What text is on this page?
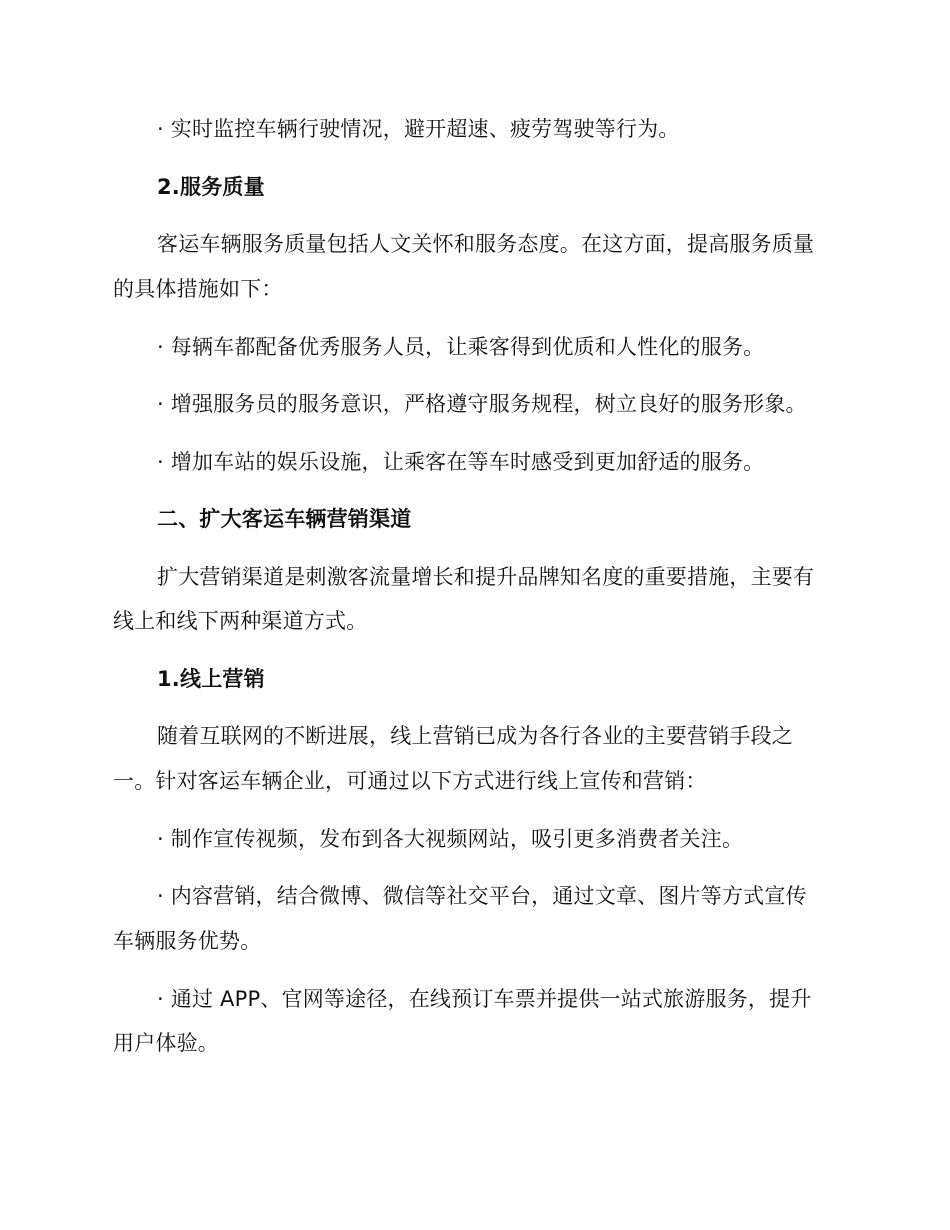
· 实时监控车辆行驶情况，避开超速、疲劳驾驶等行为。
2.服务质量
客运车辆服务质量包括人文关怀和服务态度。在这方面，提高服务质量
的具体措施如下：
· 每辆车都配备优秀服务人员，让乘客得到优质和人性化的服务。
· 增强服务员的服务意识，严格遵守服务规程，树立良好的服务形象。
· 增加车站的娱乐设施，让乘客在等车时感受到更加舒适的服务。
二、扩大客运车辆营销渠道
扩大营销渠道是刺激客流量增长和提升品牌知名度的重要措施，主要有
线上和线下两种渠道方式。
1.线上营销
随着互联网的不断进展，线上营销已成为各行各业的主要营销手段之
一。针对客运车辆企业，可通过以下方式进行线上宣传和营销：
· 制作宣传视频，发布到各大视频网站，吸引更多消费者关注。
· 内容营销，结合微博、微信等社交平台，通过文章、图片等方式宣传
车辆服务优势。
· 通过 APP、官网等途径，在线预订车票并提供一站式旅游服务，提升
用户体验。
